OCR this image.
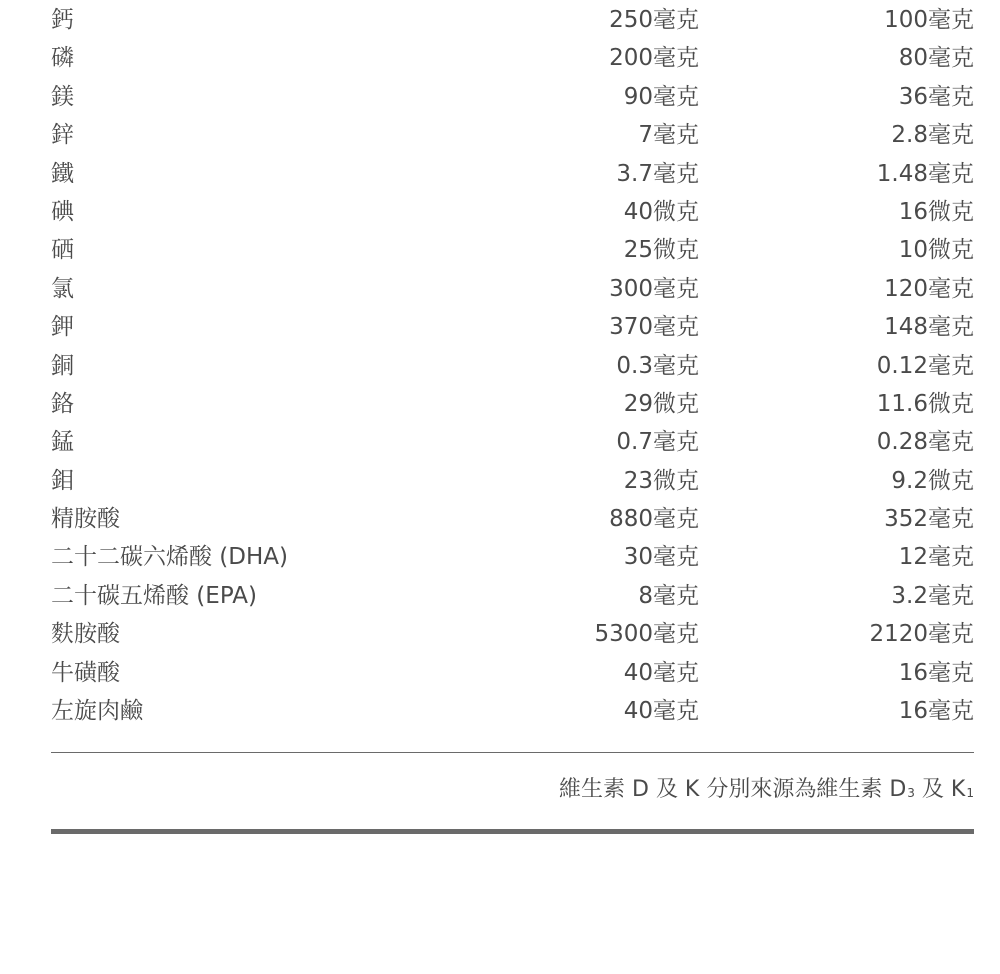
鈣	250毫克	100毫克
磷	200毫克	80毫克
鎂	90毫克	36毫克
鋅	7毫克	2.8毫克
鐵	3.7毫克	1.48毫克
碘	40微克	16微克
硒	25微克	10微克
氯	300毫克	120毫克
鉀	370毫克	148毫克
銅	0.3毫克	0.12毫克
鉻	29微克	11.6微克
錳	0.7毫克	0.28毫克
鉬	23微克	9.2微克
精胺酸	880毫克	352毫克
二十二碳六烯酸 (DHA)	30毫克	12毫克
二十碳五烯酸 (EPA)	8毫克	3.2毫克
麩胺酸	5300毫克	2120毫克
牛磺酸	40毫克	16毫克
左旋肉鹼	40毫克	16毫克
維生素 D 及 K 分別來源為維生素 $D_3$ 及 $K_1$
